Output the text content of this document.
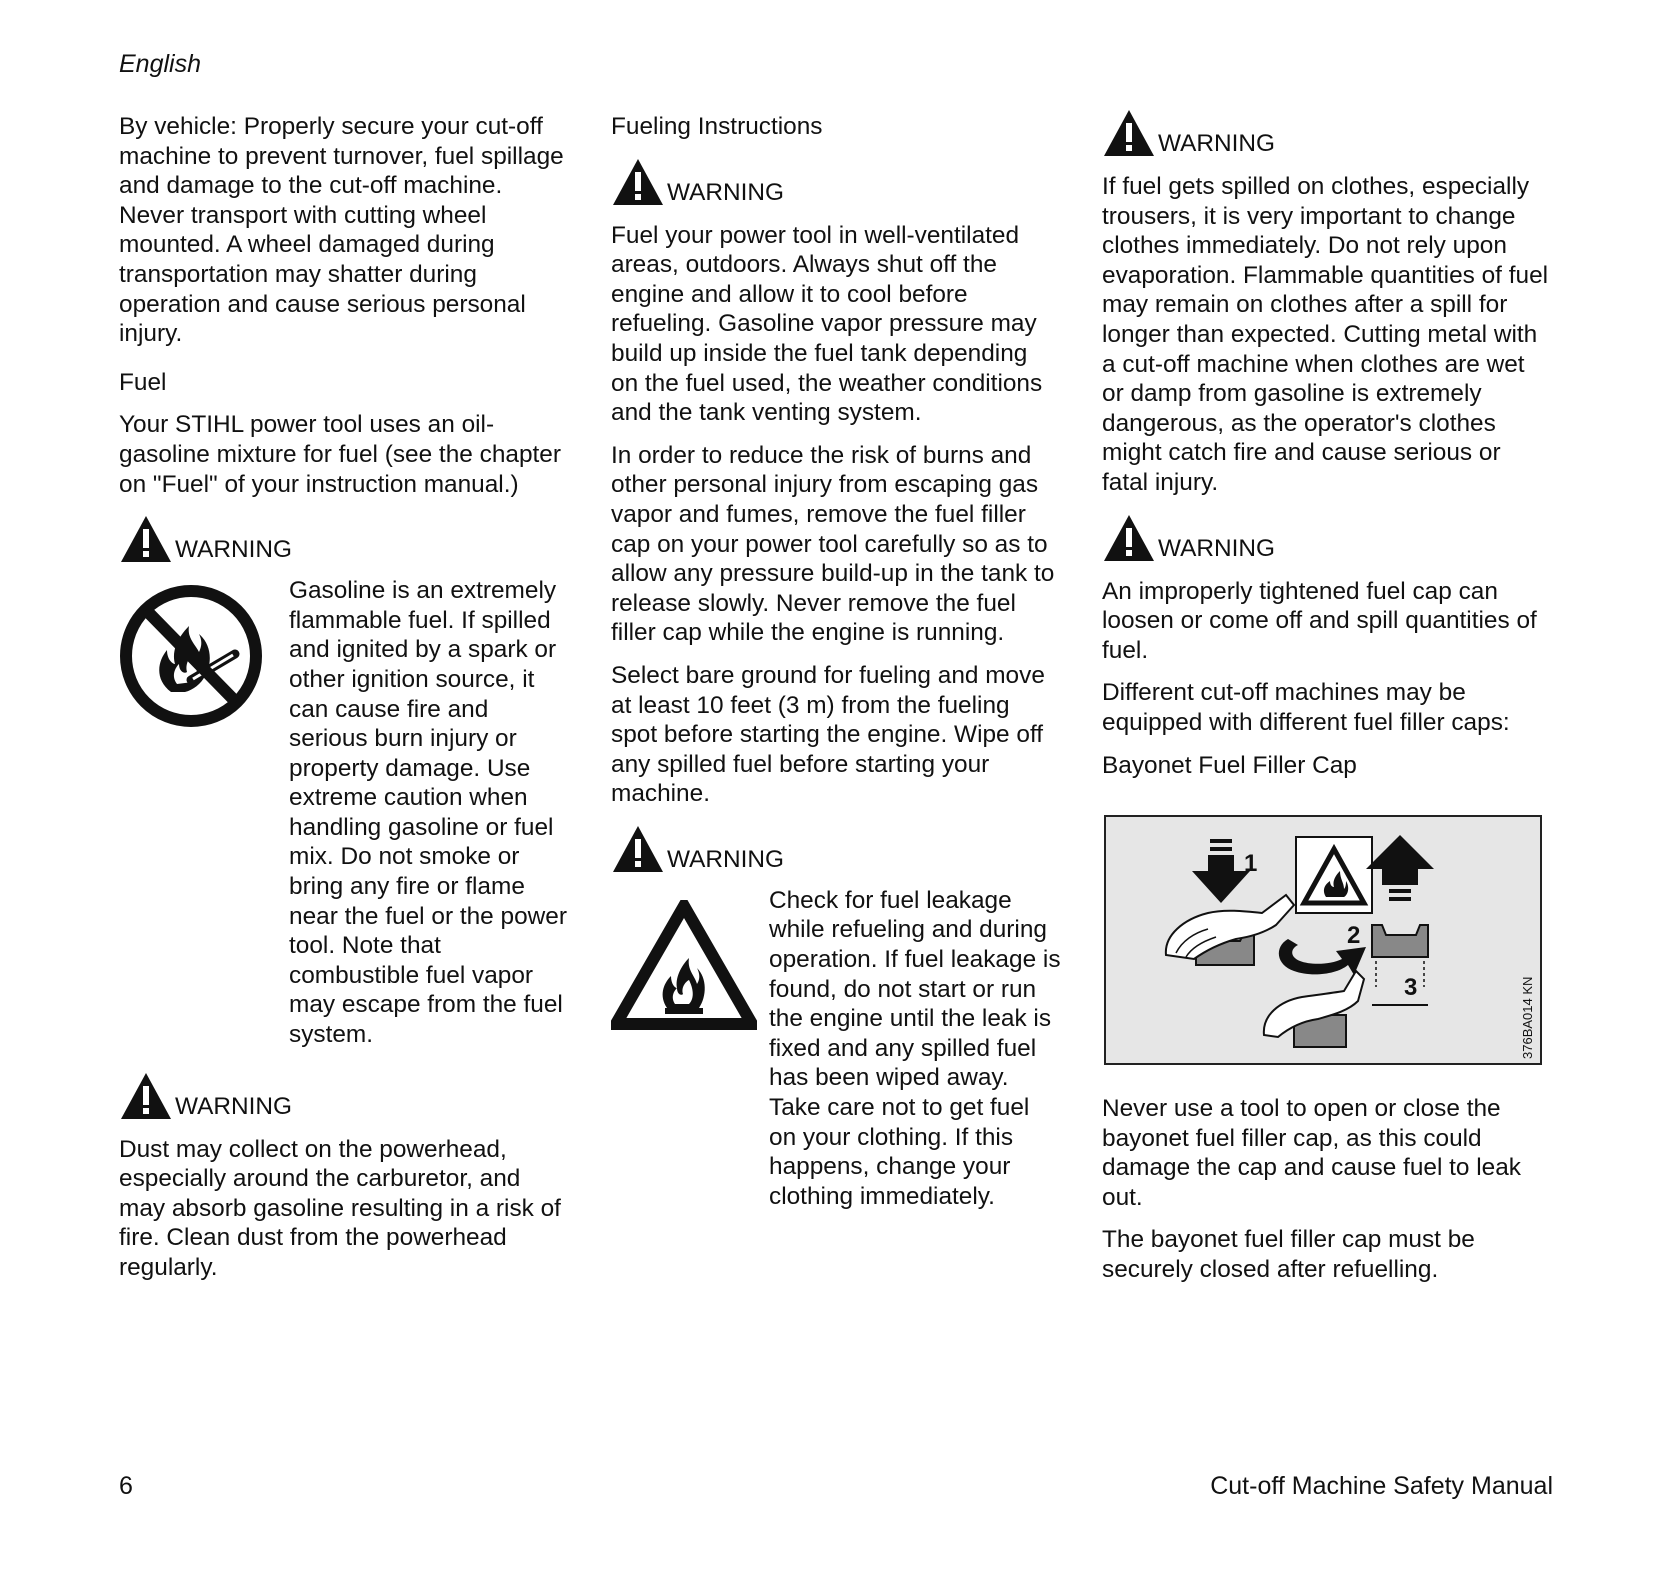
English

By vehicle: Properly secure your cut-off machine to prevent turnover, fuel spillage and damage to the cut-off machine. Never transport with cutting wheel mounted. A wheel damaged during transportation may shatter during operation and cause serious personal injury.

Fuel

Your STIHL power tool uses an oil-gasoline mixture for fuel (see the chapter on "Fuel" of your instruction manual.)

WARNING

Gasoline is an extremely flammable fuel. If spilled and ignited by a spark or other ignition source, it can cause fire and serious burn injury or property damage. Use extreme caution when handling gasoline or fuel mix. Do not smoke or bring any fire or flame near the fuel or the power tool. Note that combustible fuel vapor may escape from the fuel system.

WARNING

Dust may collect on the powerhead, especially around the carburetor, and may absorb gasoline resulting in a risk of fire. Clean dust from the powerhead regularly.

Fueling Instructions
WARNING

Fuel your power tool in well-ventilated areas, outdoors. Always shut off the engine and allow it to cool before refueling. Gasoline vapor pressure may build up inside the fuel tank depending on the fuel used, the weather conditions and the tank venting system.

In order to reduce the risk of burns and other personal injury from escaping gas vapor and fumes, remove the fuel filler cap on your power tool carefully so as to allow any pressure build-up in the tank to release slowly. Never remove the fuel filler cap while the engine is running.

Select bare ground for fueling and move at least 10 feet (3 m) from the fueling spot before starting the engine. Wipe off any spilled fuel before starting your machine.

WARNING

Check for fuel leakage while refueling and during operation. If fuel leakage is found, do not start or run the engine until the leak is fixed and any spilled fuel has been wiped away. Take care not to get fuel on your clothing. If this happens, change your clothing immediately.

WARNING

If fuel gets spilled on clothes, especially trousers, it is very important to change clothes immediately. Do not rely upon evaporation. Flammable quantities of fuel may remain on clothes after a spill for longer than expected. Cutting metal with a cut-off machine when clothes are wet or damp from gasoline is extremely dangerous, as the operator's clothes might catch fire and cause serious or fatal injury.

WARNING

An improperly tightened fuel cap can loosen or come off and spill quantities of fuel.

Different cut-off machines may be equipped with different fuel filler caps:

Bayonet Fuel Filler Cap
1
2
3	376BA014 KN

Never use a tool to open or close the bayonet fuel filler cap, as this could damage the cap and cause fuel to leak out.

The bayonet fuel filler cap must be securely closed after refuelling.

6	Cut-off Machine Safety Manual
